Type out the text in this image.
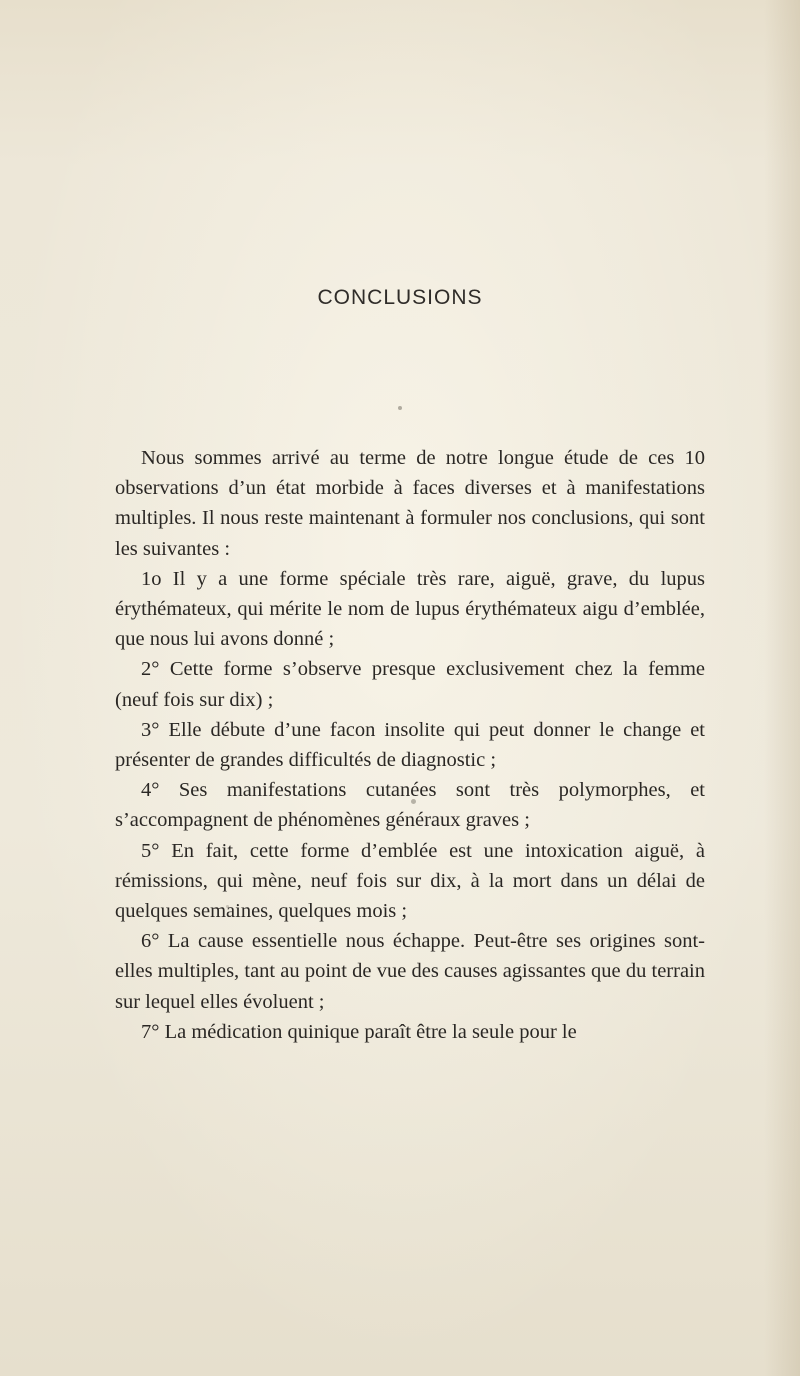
CONCLUSIONS

Nous sommes arrivé au terme de notre longue étude de ces 10 observations d’un état morbide à faces diverses et à manifestations multiples. Il nous reste maintenant à formuler nos conclusions, qui sont les suivantes :

1o Il y a une forme spéciale très rare, aiguë, grave, du lupus érythémateux, qui mérite le nom de lupus érythémateux aigu d’emblée, que nous lui avons donné ;

2° Cette forme s’observe presque exclusivement chez la femme (neuf fois sur dix) ;

3° Elle débute d’une facon insolite qui peut donner le change et présenter de grandes difficultés de diagnostic ;

4° Ses manifestations cutanées sont très polymorphes, et s’accompagnent de phénomènes généraux graves ;

5° En fait, cette forme d’emblée est une intoxication aiguë, à rémissions, qui mène, neuf fois sur dix, à la mort dans un délai de quelques semaines, quelques mois ;

6° La cause essentielle nous échappe. Peut-être ses origines sont-elles multiples, tant au point de vue des causes agissantes que du terrain sur lequel elles évoluent ;

7° La médication quinique paraît être la seule pour le
